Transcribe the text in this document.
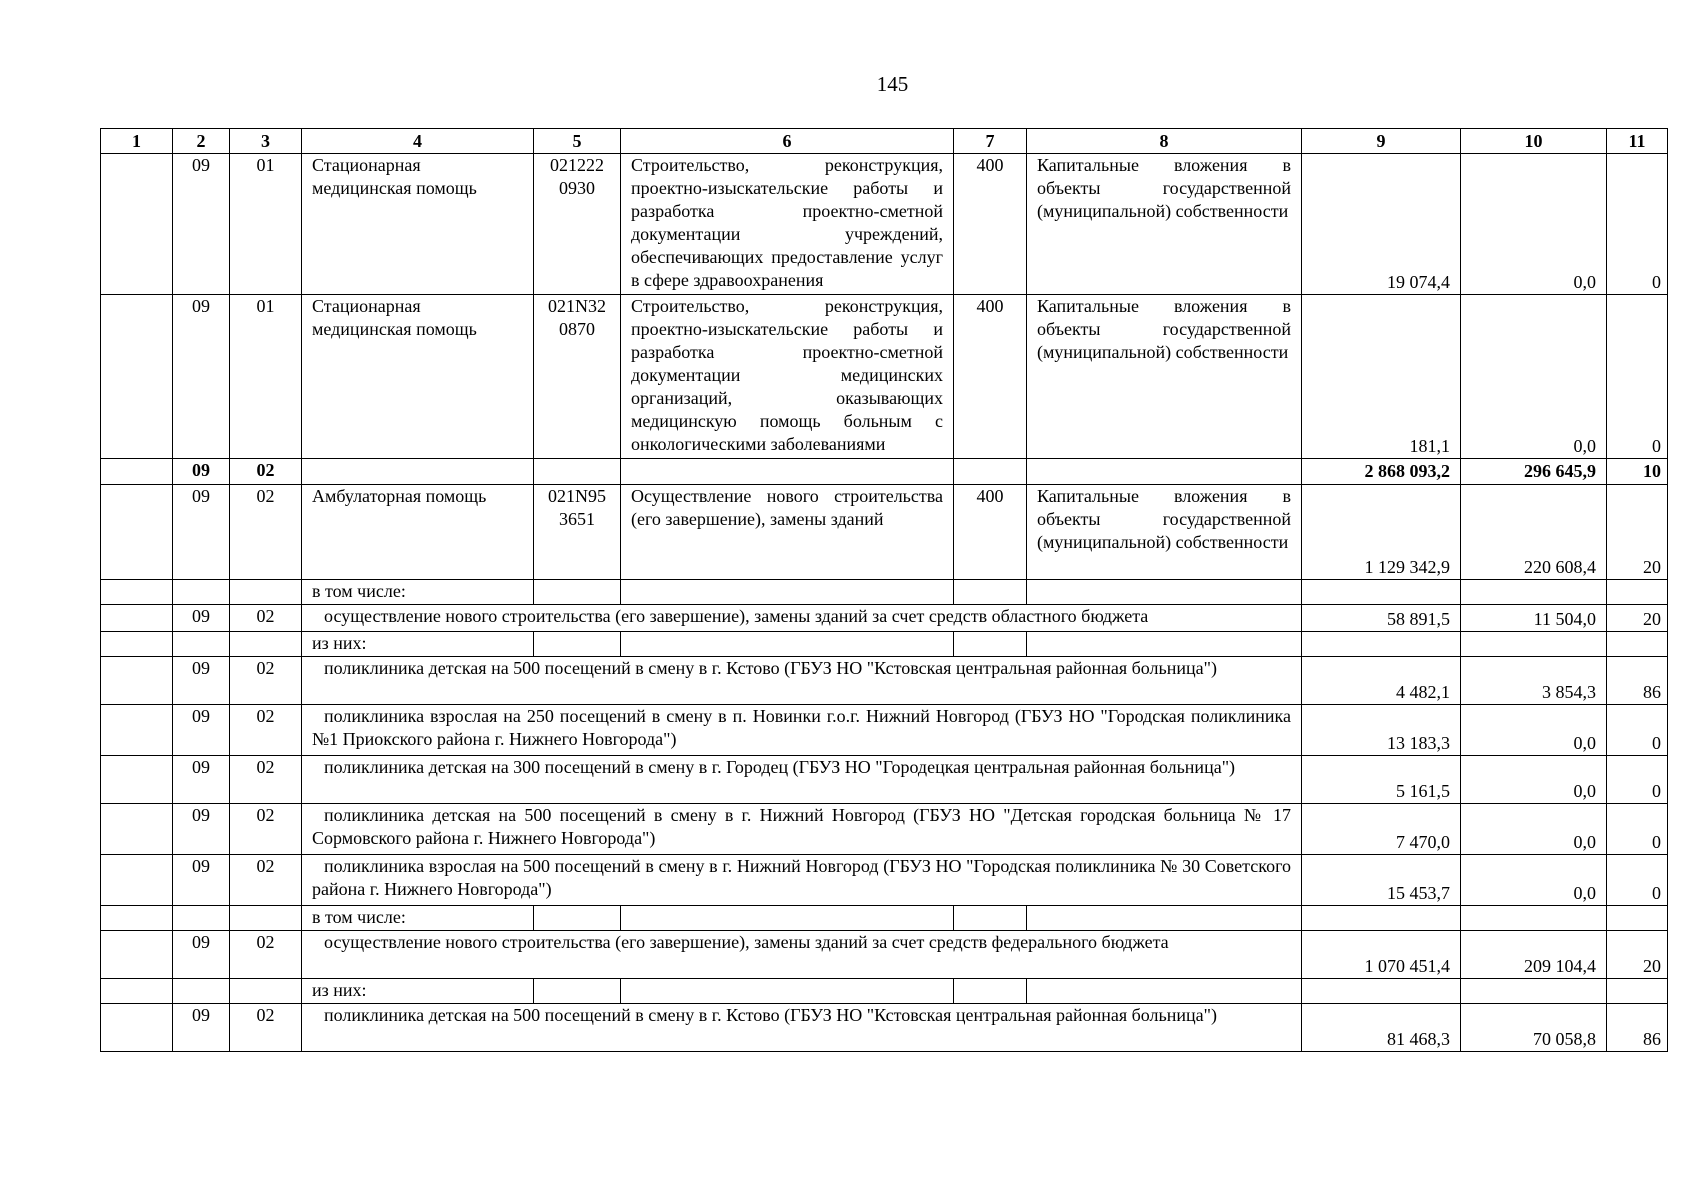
145
1	2	3	4	5	6	7	8	9	10	11
	09	01	Стационарная медицинская помощь	021222 0930	Строительство, реконструкция, проектно-изыскательские работы и разработка проектно-сметной документации учреждений, обеспечивающих предоставление услуг в сфере здравоохранения	400	Капитальные вложения в объекты государственной (муниципальной) собственности	19 074,4	0,0	0
	09	01	Стационарная медицинская помощь	021N32 0870	Строительство, реконструкция, проектно-изыскательские работы и разработка проектно-сметной документации медицинских организаций, оказывающих медицинскую помощь больным с онкологическими заболеваниями	400	Капитальные вложения в объекты государственной (муниципальной) собственности	181,1	0,0	0
	09	02						2 868 093,2	296 645,9	10
	09	02	Амбулаторная помощь	021N95 3651	Осуществление нового строительства (его завершение), замены зданий	400	Капитальные вложения в объекты государственной (муниципальной) собственности	1 129 342,9	220 608,4	20
			в том числе:							
	09	02	осуществление нового строительства (его завершение), замены зданий за счет средств областного бюджета					58 891,5	11 504,0	20
			из них:							
	09	02	поликлиника детская на 500 посещений в смену в г. Кстово (ГБУЗ НО "Кстовская центральная районная больница")					4 482,1	3 854,3	86
	09	02	поликлиника взрослая на 250 посещений в смену в п. Новинки г.о.г. Нижний Новгород (ГБУЗ НО "Городская поликлиника №1 Приокского района г. Нижнего Новгорода")					13 183,3	0,0	0
	09	02	поликлиника детская на 300 посещений в смену в г. Городец (ГБУЗ НО "Городецкая центральная районная больница")					5 161,5	0,0	0
	09	02	поликлиника детская на 500 посещений в смену в г. Нижний Новгород (ГБУЗ НО "Детская городская больница № 17 Сормовского района г. Нижнего Новгорода")					7 470,0	0,0	0
	09	02	поликлиника взрослая на 500 посещений в смену в г. Нижний Новгород (ГБУЗ НО "Городская поликлиника № 30 Советского района г. Нижнего Новгорода")					15 453,7	0,0	0
			в том числе:							
	09	02	осуществление нового строительства (его завершение), замены зданий за счет средств федерального бюджета					1 070 451,4	209 104,4	20
			из них:							
	09	02	поликлиника детская на 500 посещений в смену в г. Кстово (ГБУЗ НО "Кстовская центральная районная больница")					81 468,3	70 058,8	86
